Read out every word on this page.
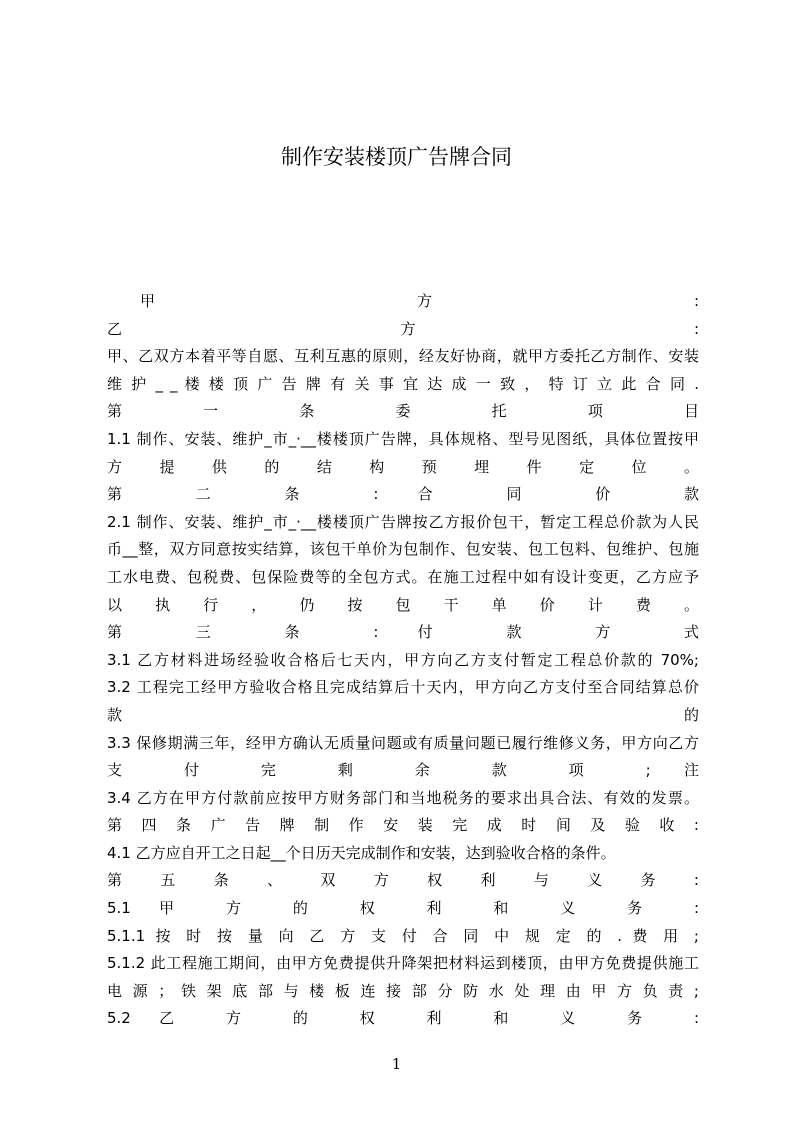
制作安装楼顶广告牌合同
甲 方 :
乙 方 :
甲、乙双方本着平等自愿、互利互惠的原则，经友好协商，就甲方委托乙方制作、安装
维 护 _ _ 楼 楼 顶 广 告 牌 有 关 事 宜 达 成 一 致 ， 特 订 立 此 合 同 .
第 一 条 委 托 项 目
1.1 制作、安装、维护_市_·__楼楼顶广告牌，具体规格、型号见图纸，具体位置按甲
方 提 供 的 结 构 预 埋 件 定 位 。
第 二 条 : 合 同 价 款
2.1 制作、安装、维护_市_·__楼楼顶广告牌按乙方报价包干，暂定工程总价款为人民
币__整，双方同意按实结算，该包干单价为包制作、包安装、包工包料、包维护、包施
工水电费、包税费、包保险费等的全包方式。在施工过程中如有设计变更，乙方应予
以 执 行 ， 仍 按 包 干 单 价 计 费 。
第 三 条 : 付 款 方 式
3.1 乙方材料进场经验收合格后七天内，甲方向乙方支付暂定工程总价款的 70%;
3.2 工程完工经甲方验收合格且完成结算后十天内，甲方向乙方支付至合同结算总价
款 的
3.3 保修期满三年，经甲方确认无质量问题或有质量问题已履行维修义务，甲方向乙方
支 付 完 剩 余 款 项 ; 注
3.4 乙方在甲方付款前应按甲方财务部门和当地税务的要求出具合法、有效的发票。
第 四 条 广 告 牌 制 作 安 装 完 成 时 间 及 验 收 :
4.1 乙方应自开工之日起__个日历天完成制作和安装，达到验收合格的条件。
第 五 条 、 双 方 权 利 与 义 务 :
5.1 甲 方 的 权 利 和 义 务 :
5.1.1 按 时 按 量 向 乙 方 支 付 合 同 中 规 定 的 . 费 用 ;
5.1.2 此工程施工期间，由甲方免费提供升降架把材料运到楼顶，由甲方免费提供施工
电 源 ； 铁 架 底 部 与 楼 板 连 接 部 分 防 水 处 理 由 甲 方 负 责 ;
5.2 乙 方 的 权 利 和 义 务 :
1
